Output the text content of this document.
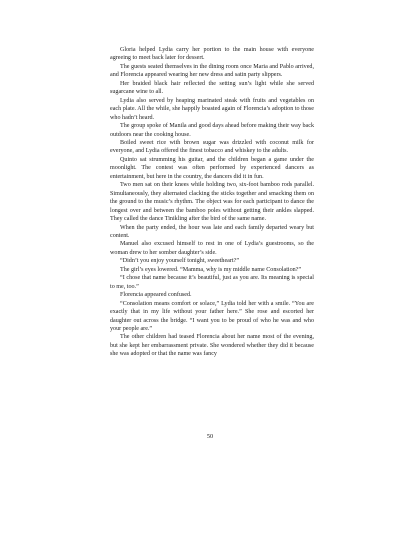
Gloria helped Lydia carry her portion to the main house with everyone agreeing to meet back later for dessert.

The guests seated themselves in the dining room once Maria and Pablo arrived, and Florencia appeared wearing her new dress and satin party slippers.

Her braided black hair reflected the setting sun’s light while she served sugarcane wine to all.

Lydia also served by heaping marinated steak with fruits and vegetables on each plate. All the while, she happily boasted again of Florencia’s adoption to those who hadn’t heard.

The group spoke of Manila and good days ahead before making their way back outdoors near the cooking house.

Boiled sweet rice with brown sugar was drizzled with coconut milk for everyone, and Lydia offered the finest tobacco and whiskey to the adults.

Quinto sat strumming his guitar, and the children began a game under the moonlight. The contest was often performed by experienced dancers as entertainment, but here in the country, the dancers did it in fun.

Two men sat on their knees while holding two, six-foot bamboo rods parallel. Simultaneously, they alternated clacking the sticks together and smacking them on the ground to the music’s rhythm. The object was for each participant to dance the longest over and between the bamboo poles without getting their ankles slapped. They called the dance Tinikling after the bird of the same name.

When the party ended, the hour was late and each family departed weary but content.

Manuel also excused himself to rest in one of Lydia’s guestrooms, so the woman drew to her somber daughter’s side.

“Didn’t you enjoy yourself tonight, sweetheart?”

The girl’s eyes lowered. “Mamma, why is my middle name Consolation?”

“I chose that name because it’s beautiful, just as you are. Its meaning is special to me, too.”

Florencia appeared confused.

“Consolation means comfort or solace,” Lydia told her with a smile. “You are exactly that in my life without your father here.” She rose and escorted her daughter out across the bridge. “I want you to be proud of who he was and who your people are.”

The other children had teased Florencia about her name most of the evening, but she kept her embarrassment private. She wondered whether they did it because she was adopted or that the name was fancy

50
